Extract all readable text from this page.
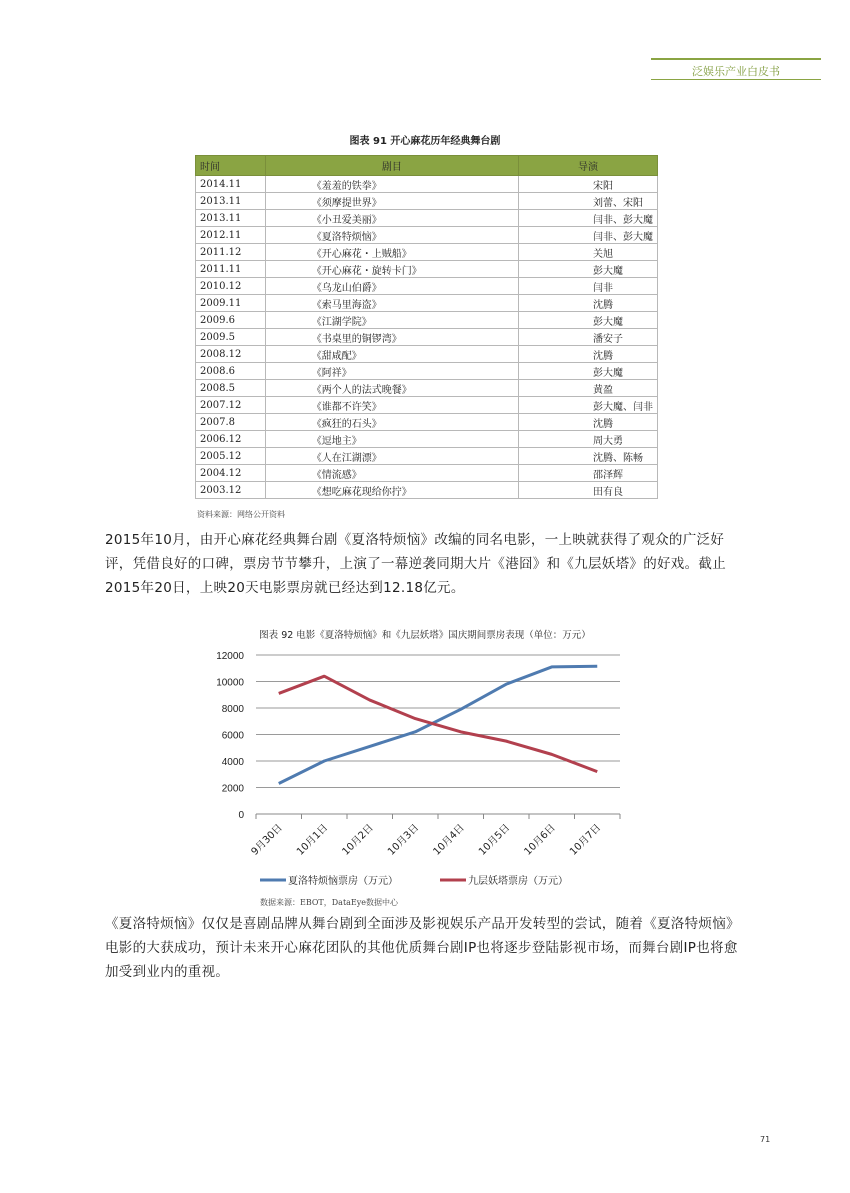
泛娱乐产业白皮书
图表 91 开心麻花历年经典舞台剧
时间	剧目	导演
2014.11	《羞羞的铁拳》	宋阳
2013.11	《须摩提世界》	刘蕾、宋阳
2013.11	《小丑爱美丽》	闫非、彭大魔
2012.11	《夏洛特烦恼》	闫非、彭大魔
2011.12	《开心麻花・上贼船》	关旭
2011.11	《开心麻花・旋转卡门》	彭大魔
2010.12	《乌龙山伯爵》	闫非
2009.11	《索马里海盗》	沈腾
2009.6	《江湖学院》	彭大魔
2009.5	《书桌里的铜锣湾》	潘安子
2008.12	《甜咸配》	沈腾
2008.6	《阿祥》	彭大魔
2008.5	《两个人的法式晚餐》	黄盈
2007.12	《谁都不许笑》	彭大魔、闫非
2007.8	《疯狂的石头》	沈腾
2006.12	《逗地主》	周大勇
2005.12	《人在江湖漂》	沈腾、陈畅
2004.12	《情流感》	邵泽辉
2003.12	《想吃麻花现给你拧》	田有良
资料来源：网络公开资料
2015年10月，由开心麻花经典舞台剧《夏洛特烦恼》改编的同名电影，一上映就获得了观众的广泛好评，凭借良好的口碑，票房节节攀升，上演了一幕逆袭同期大片《港囧》和《九层妖塔》的好戏。截止2015年20日，上映20天电影票房就已经达到12.18亿元。
图表 92 电影《夏洛特烦恼》和《九层妖塔》国庆期间票房表现（单位：万元）
0
2000
4000
6000
8000
10000
12000
9月30日 10月1日 10月2日 10月3日 10月4日 10月5日 10月6日 10月7日
夏洛特烦恼票房（万元）	九层妖塔票房（万元）
数据来源：EBOT，DataEye数据中心
《夏洛特烦恼》仅仅是喜剧品牌从舞台剧到全面涉及影视娱乐产品开发转型的尝试，随着《夏洛特烦恼》电影的大获成功，预计未来开心麻花团队的其他优质舞台剧IP也将逐步登陆影视市场，而舞台剧IP也将愈加受到业内的重视。
71
